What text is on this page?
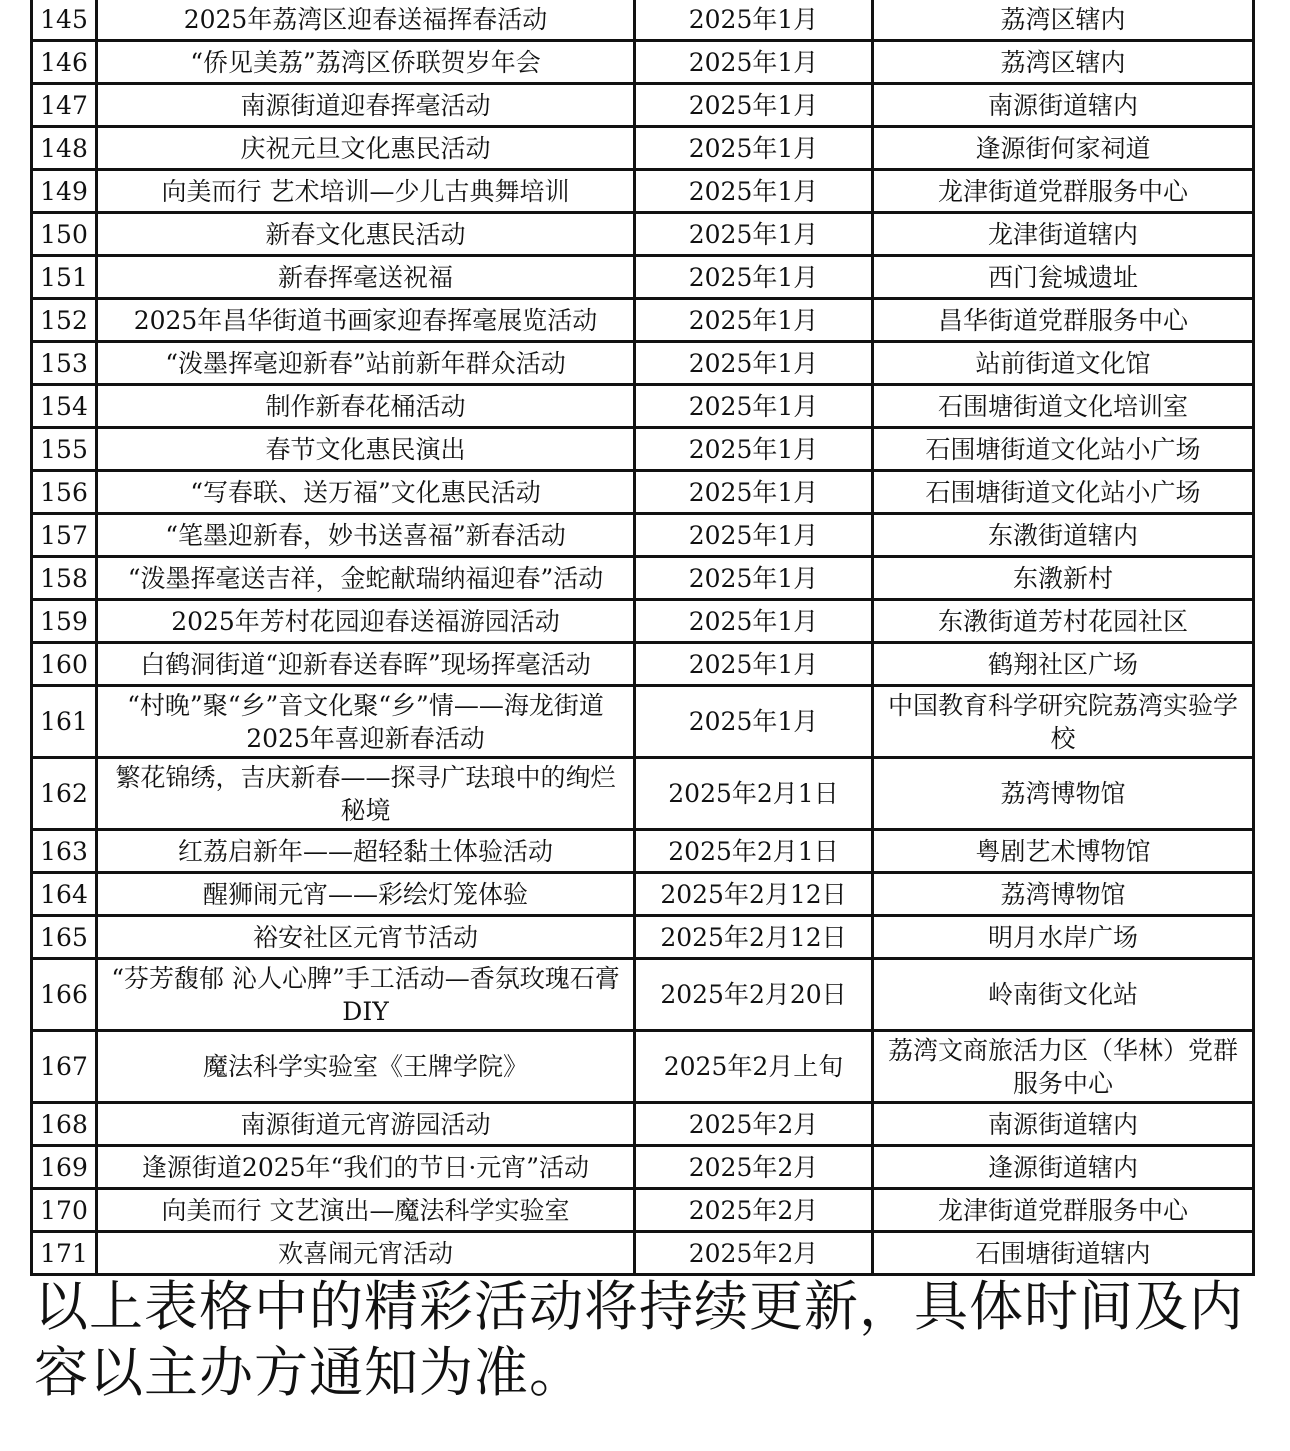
145	2025年荔湾区迎春送福挥春活动	2025年1月	荔湾区辖内
146	“侨见美荔”荔湾区侨联贺岁年会	2025年1月	荔湾区辖内
147	南源街道迎春挥毫活动	2025年1月	南源街道辖内
148	庆祝元旦文化惠民活动	2025年1月	逢源街何家祠道
149	向美而行 艺术培训—少儿古典舞培训	2025年1月	龙津街道党群服务中心
150	新春文化惠民活动	2025年1月	龙津街道辖内
151	新春挥毫送祝福	2025年1月	西门瓮城遗址
152	2025年昌华街道书画家迎春挥毫展览活动	2025年1月	昌华街道党群服务中心
153	“泼墨挥毫迎新春”站前新年群众活动	2025年1月	站前街道文化馆
154	制作新春花桶活动	2025年1月	石围塘街道文化培训室
155	春节文化惠民演出	2025年1月	石围塘街道文化站小广场
156	“写春联、送万福”文化惠民活动	2025年1月	石围塘街道文化站小广场
157	“笔墨迎新春，妙书送喜福”新春活动	2025年1月	东漖街道辖内
158	“泼墨挥毫送吉祥，金蛇献瑞纳福迎春”活动	2025年1月	东漖新村
159	2025年芳村花园迎春送福游园活动	2025年1月	东漖街道芳村花园社区
160	白鹤洞街道“迎新春送春晖”现场挥毫活动	2025年1月	鹤翔社区广场
161	“村晚”聚“乡”音文化聚“乡”情——海龙街道2025年喜迎新春活动	2025年1月	中国教育科学研究院荔湾实验学校
162	繁花锦绣，吉庆新春——探寻广珐琅中的绚烂秘境	2025年2月1日	荔湾博物馆
163	红荔启新年——超轻黏土体验活动	2025年2月1日	粤剧艺术博物馆
164	醒狮闹元宵——彩绘灯笼体验	2025年2月12日	荔湾博物馆
165	裕安社区元宵节活动	2025年2月12日	明月水岸广场
166	“芬芳馥郁 沁人心脾”手工活动—香氛玫瑰石膏DIY	2025年2月20日	岭南街文化站
167	魔法科学实验室《王牌学院》	2025年2月上旬	荔湾文商旅活力区（华林）党群服务中心
168	南源街道元宵游园活动	2025年2月	南源街道辖内
169	逢源街道2025年“我们的节日·元宵”活动	2025年2月	逢源街道辖内
170	向美而行 文艺演出—魔法科学实验室	2025年2月	龙津街道党群服务中心
171	欢喜闹元宵活动	2025年2月	石围塘街道辖内
以上表格中的精彩活动将持续更新，具体时间及内容以主办方通知为准。
